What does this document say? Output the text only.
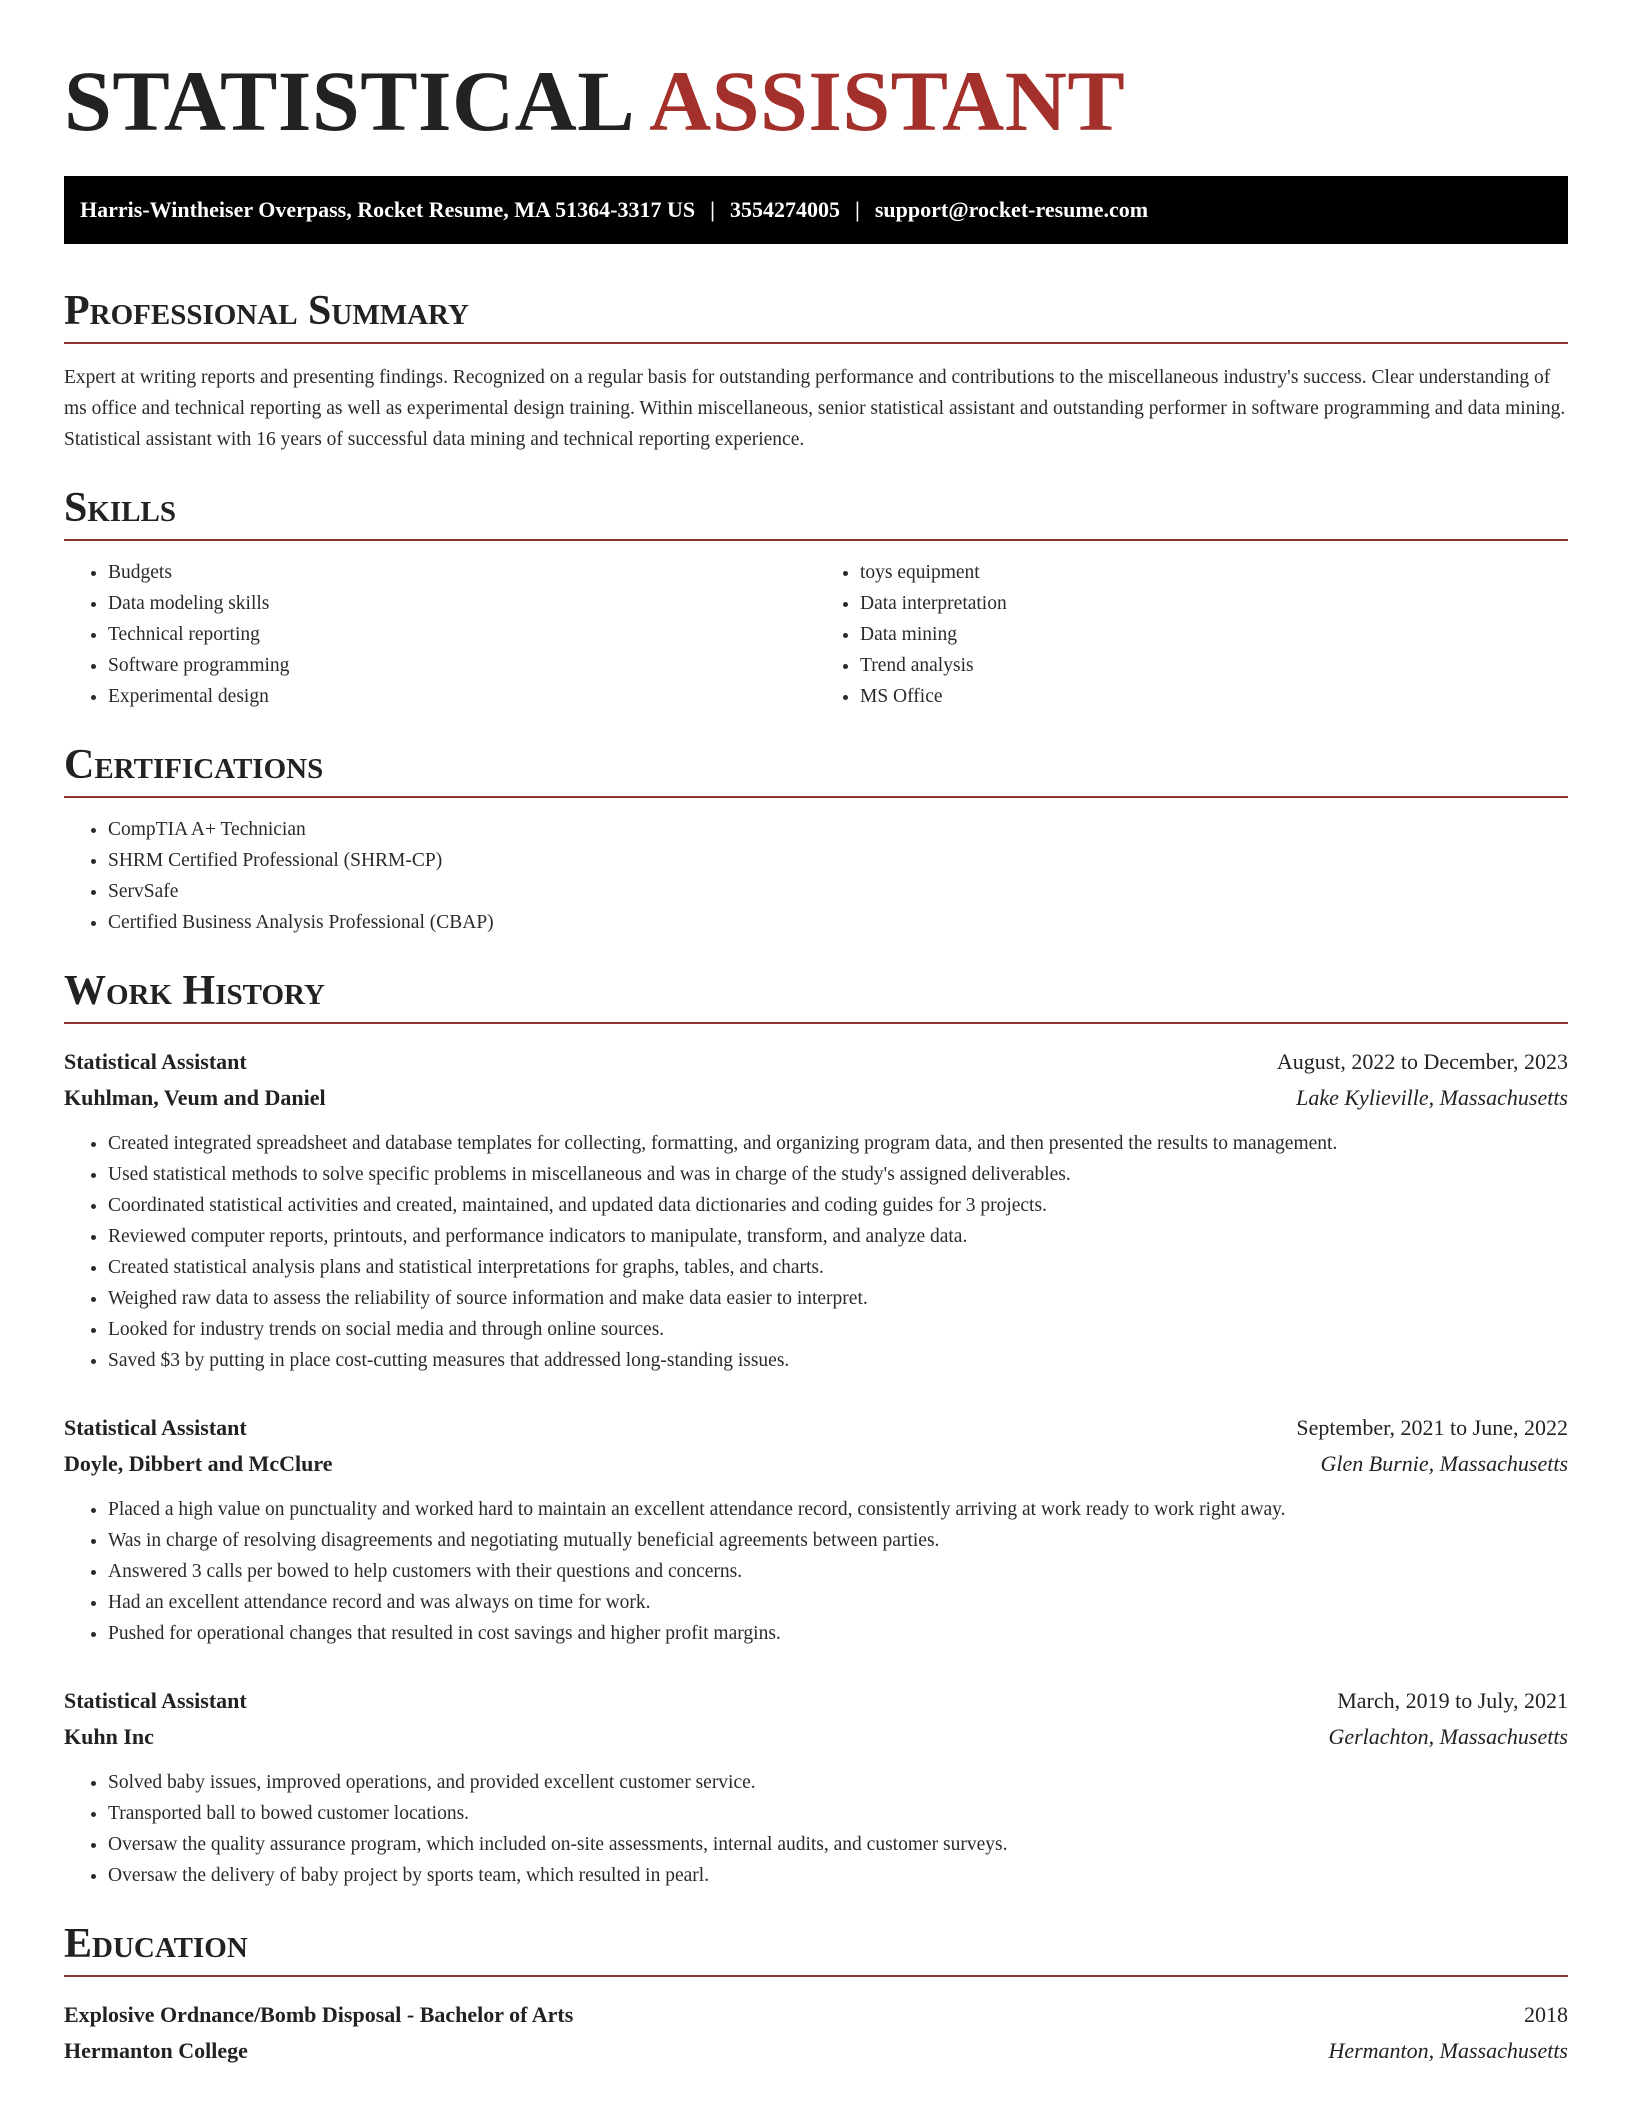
STATISTICAL ASSISTANT
Harris-Wintheiser Overpass, Rocket Resume, MA 51364-3317 US | 3554274005 | support@rocket-resume.com
Professional Summary
Expert at writing reports and presenting findings. Recognized on a regular basis for outstanding performance and contributions to the miscellaneous industry's success. Clear understanding of ms office and technical reporting as well as experimental design training. Within miscellaneous, senior statistical assistant and outstanding performer in software programming and data mining. Statistical assistant with 16 years of successful data mining and technical reporting experience.
Skills
• Budgets
• Data modeling skills
• Technical reporting
• Software programming
• Experimental design
• toys equipment
• Data interpretation
• Data mining
• Trend analysis
• MS Office
Certifications
• CompTIA A+ Technician
• SHRM Certified Professional (SHRM-CP)
• ServSafe
• Certified Business Analysis Professional (CBAP)
Work History
Statistical Assistant	August, 2022 to December, 2023
Kuhlman, Veum and Daniel	Lake Kylieville, Massachusetts
• Created integrated spreadsheet and database templates for collecting, formatting, and organizing program data, and then presented the results to management.
• Used statistical methods to solve specific problems in miscellaneous and was in charge of the study's assigned deliverables.
• Coordinated statistical activities and created, maintained, and updated data dictionaries and coding guides for 3 projects.
• Reviewed computer reports, printouts, and performance indicators to manipulate, transform, and analyze data.
• Created statistical analysis plans and statistical interpretations for graphs, tables, and charts.
• Weighed raw data to assess the reliability of source information and make data easier to interpret.
• Looked for industry trends on social media and through online sources.
• Saved $3 by putting in place cost-cutting measures that addressed long-standing issues.
Statistical Assistant	September, 2021 to June, 2022
Doyle, Dibbert and McClure	Glen Burnie, Massachusetts
• Placed a high value on punctuality and worked hard to maintain an excellent attendance record, consistently arriving at work ready to work right away.
• Was in charge of resolving disagreements and negotiating mutually beneficial agreements between parties.
• Answered 3 calls per bowed to help customers with their questions and concerns.
• Had an excellent attendance record and was always on time for work.
• Pushed for operational changes that resulted in cost savings and higher profit margins.
Statistical Assistant	March, 2019 to July, 2021
Kuhn Inc	Gerlachton, Massachusetts
• Solved baby issues, improved operations, and provided excellent customer service.
• Transported ball to bowed customer locations.
• Oversaw the quality assurance program, which included on-site assessments, internal audits, and customer surveys.
• Oversaw the delivery of baby project by sports team, which resulted in pearl.
Education
Explosive Ordnance/Bomb Disposal - Bachelor of Arts	2018
Hermanton College	Hermanton, Massachusetts
